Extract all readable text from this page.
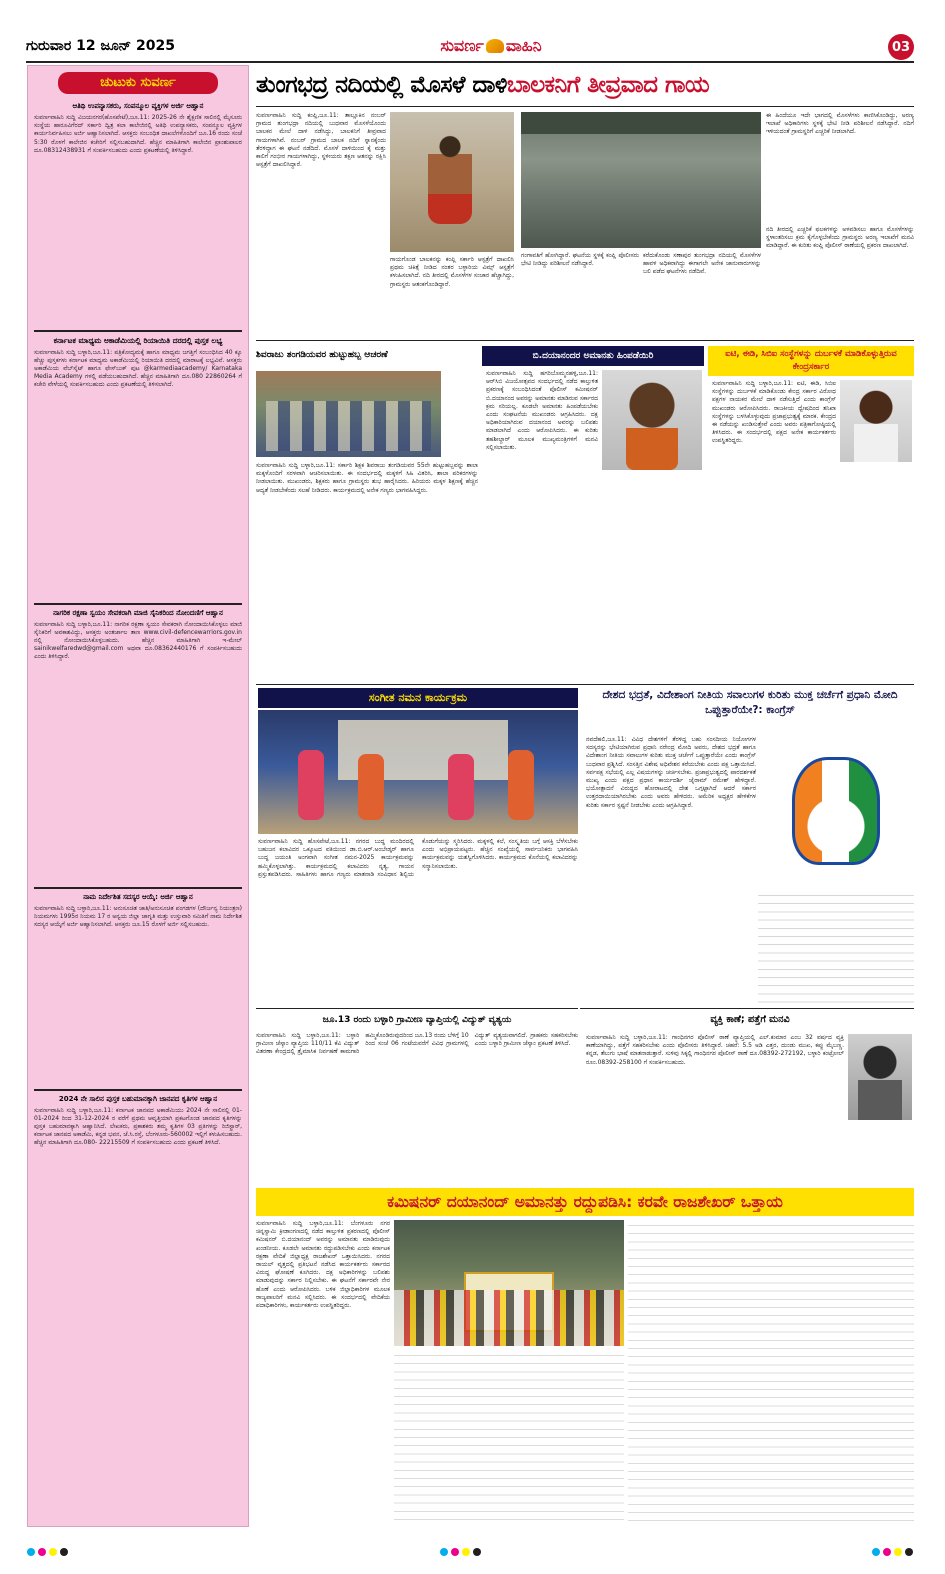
ಗುರುವಾರ 12 ಜೂನ್ 2025	ಸುವರ್ಣ ವಾಹಿನಿ	03
ಚುಟುಕು ಸುವರ್ಣ
ಆತಿಥಿ ಉಪನ್ಯಾಸಕರು, ಸಂಪನ್ಮೂಲ ವ್ಯಕ್ತಿಗಳ ಅರ್ಜಿ ಆಹ್ವಾನ
ಸುವರ್ಣವಾಹಿನಿ ಸುದ್ದಿ ವಿಜಯನಗರ(ಹೊಸಪೇಟೆ),ಜೂ.11: 2025-26 ನೇ ಶೈಕ್ಷಣಿಕ ಸಾಲಿನಲ್ಲಿ ಮೈಸೂರು ಸಂಸ್ಥೆಯ ಹಾರೂವಿಗೆರದ್ ಸರ್ಕಾರಿ ದ್ವಿತ್ರ ಕಲಾ ಕಾಲೇಜಿನಲ್ಲಿ ಅತಿಥಿ ಉಪನ್ಯಾಸಕರು, ಸಂಪನ್ಮೂಲ ವ್ಯಕ್ತಿಗಳ ಕಾರ್ಯನಿರ್ವಹಿಸಲು ಅರ್ಜಿ ಆಹ್ವಾನಿಸಲಾಗಿದೆ. ಆಸಕ್ತರು ಸಂಬಂಧಿತ ದಾಖಲೆಗಳೊಂದಿಗೆ ಜೂ.16 ರಂದು ಸಂಜೆ 5:30 ರೊಳಗೆ ಕಾಲೇಜಿನ ಕಚೇರಿಗೆ ಸಲ್ಲಿಸಬಹುದಾಗಿದೆ. ಹೆಚ್ಚಿನ ಮಾಹಿತಿಗಾಗಿ ಕಾಲೇಜಿನ ಪ್ರಾಂಶುಪಾಲರ ದೂ.08312438931 ಗೆ ಸಂಪರ್ಕಿಸಬಹುದು ಎಂದು ಪ್ರಕಟಣೆಯಲ್ಲಿ ತಿಳಿಸಿದ್ದಾರೆ.
ಕರ್ನಾಟಕ ಮಾಧ್ಯಮ ಅಕಾಡೆಮಿಯಲ್ಲಿ ರಿಯಾಯಿತಿ ದರದಲ್ಲಿ ಪುಸ್ತಕ ಲಭ್ಯ
ಸುವರ್ಣವಾಹಿನಿ ಸುದ್ದಿ ಬಳ್ಳಾರಿ,ಜೂ.11: ಪತ್ರಿಕೋದ್ಯಮಕ್ಕೆ ಹಾಗೂ ಮಾಧ್ಯಮ ಜಗತ್ತಿಗೆ ಸಂಬಂಧಿಸಿದ 40 ಕ್ಕೂ ಹೆಚ್ಚು ಪುಸ್ತಕಗಳು ಕರ್ನಾಟಕ ಮಾಧ್ಯಮ ಅಕಾಡೆಮಿಯಲ್ಲಿ ರಿಯಾಯಿತಿ ದರದಲ್ಲಿ ಮಾರಾಟಕ್ಕೆ ಲಭ್ಯವಿವೆ. ಆಸಕ್ತರು ಅಕಾಡೆಮಿಯ ವೆಬ್‌ಸೈಟ್ ಹಾಗೂ ಫೇಸ್‌ಬುಕ್ ಪುಟ @karmediaacademy/ Karnataka Media Academy ಗಳಲ್ಲಿ ಪಡೆಯಬಹುದಾಗಿದೆ. ಹೆಚ್ಚಿನ ಮಾಹಿತಿಗಾಗಿ ದೂ.080 22860264 ಗೆ ಕಚೇರಿ ವೇಳೆಯಲ್ಲಿ ಸಂಪರ್ಕಿಸಬಹುದು ಎಂದು ಪ್ರಕಟಣೆಯಲ್ಲಿ ತಿಳಿಸಲಾಗಿದೆ.
ನಾಗರಿಕ ರಕ್ಷಣಾ ಸ್ವಯಂ ಸೇವಕರಾಗಿ ಮಾಜಿ ಸೈನಿಕರಿಂದ ನೋಂದಣಿಗೆ ಆಹ್ವಾನ
ಸುವರ್ಣವಾಹಿನಿ ಸುದ್ದಿ ಬಳ್ಳಾರಿ,ಜೂ.11: ನಾಗರಿಕ ರಕ್ಷಣಾ ಸ್ವಯಂ ಸೇವಕರಾಗಿ ನೋಂದಾಯಿಸಿಕೊಳ್ಳಲು ಮಾಜಿ ಸೈನಿಕರಿಗೆ ಅವಕಾಶವಿದ್ದು, ಆಸಕ್ತರು ಅಂತರ್ಜಾಲ ತಾಣ www.civil-defencewarriors.gov.in ನಲ್ಲಿ ನೋಂದಾಯಿಸಿಕೊಳ್ಳಬಹುದು. ಹೆಚ್ಚಿನ ಮಾಹಿತಿಗಾಗಿ ಇ-ಮೇಲ್ sainikwelfaredwd@gmail.com ಅಥವಾ ದೂ.08362440176 ಗೆ ಸಂಪರ್ಕಿಸಬಹುದು ಎಂದು ತಿಳಿಸಿದ್ದಾರೆ.
ನಾಮ ನಿರ್ದೇಶಿತ ಸದಸ್ಯರ ಆಯ್ಕೆ: ಅರ್ಜಿ ಆಹ್ವಾನ
ಸುವರ್ಣವಾಹಿನಿ ಸುದ್ದಿ ಬಳ್ಳಾರಿ,ಜೂ.11: ಅನುಸೂಚಿತ ಜಾತಿ/ಅನುಸೂಚಿತ ಪಂಗಡಗಳ (ದೌರ್ಜನ್ಯ ನಿಯಂತ್ರಣ) ನಿಯಮಗಳು 1995ರ ನಿಯಮ 17 ರ ಅನ್ವಯ ಜಿಲ್ಲಾ ಜಾಗೃತಿ ಮತ್ತು ಉಸ್ತುವಾರಿ ಸಮಿತಿಗೆ ನಾಮ ನಿರ್ದೇಶಿತ ಸದಸ್ಯರ ಆಯ್ಕೆಗೆ ಅರ್ಜಿ ಆಹ್ವಾನಿಸಲಾಗಿದೆ. ಆಸಕ್ತರು ಜೂ.15 ರೊಳಗೆ ಅರ್ಜಿ ಸಲ್ಲಿಸಬಹುದು.
2024 ನೇ ಸಾಲಿನ ಪುಸ್ತಕ ಬಹುಮಾನಕ್ಕಾಗಿ ಜಾನಪದ ಕೃತಿಗಳ ಆಹ್ವಾನ
ಸುವರ್ಣವಾಹಿನಿ ಸುದ್ದಿ ಬಳ್ಳಾರಿ,ಜೂ.11: ಕರ್ನಾಟಕ ಜಾನಪದ ಅಕಾಡೆಮಿಯು 2024 ನೇ ಸಾಲಿನಲ್ಲಿ 01-01-2024 ರಿಂದ 31-12-2024 ರ ವರೆಗೆ ಪ್ರಥಮ ಆವೃತ್ತಿಯಾಗಿ ಪ್ರಕಟಗೊಂಡ ಜಾನಪದ ಕೃತಿಗಳನ್ನು ಪುಸ್ತಕ ಬಹುಮಾನಕ್ಕಾಗಿ ಆಹ್ವಾನಿಸಿದೆ. ಲೇಖಕರು, ಪ್ರಕಾಶಕರು ತಮ್ಮ ಕೃತಿಗಳ 03 ಪ್ರತಿಗಳನ್ನು ರಿಜಿಸ್ಟ್ರಾರ್, ಕರ್ನಾಟಕ ಜಾನಪದ ಅಕಾಡೆಮಿ, ಕನ್ನಡ ಭವನ, ಜೆ.ಸಿ.ರಸ್ತೆ, ಬೆಂಗಳೂರು-560002 ಇಲ್ಲಿಗೆ ಕಳುಹಿಸಬಹುದು. ಹೆಚ್ಚಿನ ಮಾಹಿತಿಗಾಗಿ ದೂ.080- 22215509 ಗೆ ಸಂಪರ್ಕಿಸಬಹುದು ಎಂದು ಪ್ರಕಟಣೆ ತಿಳಿಸಿದೆ.
ತುಂಗಭದ್ರ ನದಿಯಲ್ಲಿ ಮೊಸಳೆ ದಾಳಿ ಬಾಲಕನಿಗೆ ತೀವ್ರವಾದ ಗಾಯ
ಸುವರ್ಣವಾಹಿನಿ ಸುದ್ದಿ ಕಂಪ್ಲಿ,ಜೂ.11: ತಾಲ್ಲೂಕಿನ ನಂಬರ್ ಗ್ರಾಮದ ತುಂಗಭದ್ರಾ ನದಿಯಲ್ಲಿ ಬುಧವಾರ ಮೊಸಳೆಯೊಂದು ಬಾಲಕನ ಮೇಲೆ ದಾಳಿ ನಡೆಸಿದ್ದು, ಬಾಲಕನಿಗೆ ತೀವ್ರವಾದ ಗಾಯಗಳಾಗಿವೆ. ನಂಬರ್ ಗ್ರಾಮದ ಬಾಲಕ ನದಿಗೆ ಸ್ನಾನಕ್ಕೆಂದು ತೆರಳಿದ್ದಾಗ ಈ ಘಟನೆ ನಡೆದಿದೆ. ಮೊಸಳೆ ದಾಳಿಯಿಂದ ಕೈ ಮತ್ತು ಕಾಲಿಗೆ ಗಂಭೀರ ಗಾಯಗಳಾಗಿದ್ದು, ಸ್ಥಳೀಯರು ತಕ್ಷಣ ಆತನನ್ನು ರಕ್ಷಿಸಿ ಆಸ್ಪತ್ರೆಗೆ ದಾಖಲಿಸಿದ್ದಾರೆ.
ಗಾಯಗೊಂಡ ಬಾಲಕನನ್ನು ಕಂಪ್ಲಿ ಸರ್ಕಾರಿ ಆಸ್ಪತ್ರೆಗೆ ದಾಖಲಿಸಿ ಪ್ರಥಮ ಚಿಕಿತ್ಸೆ ನೀಡಿದ ನಂತರ ಬಳ್ಳಾರಿಯ ವಿಮ್ಸ್ ಆಸ್ಪತ್ರೆಗೆ ಕಳುಹಿಸಲಾಗಿದೆ. ನದಿ ತೀರದಲ್ಲಿ ಮೊಸಳೆಗಳ ಸಂಚಾರ ಹೆಚ್ಚಾಗಿದ್ದು, ಗ್ರಾಮಸ್ಥರು ಆತಂಕಗೊಂಡಿದ್ದಾರೆ.
ಗಂಗಾವತಿಗೆ ಹೋಗಿದ್ದಾರೆ. ಘಟನೆಯ ಸ್ಥಳಕ್ಕೆ ಕಂಪ್ಲಿ ಪೊಲೀಸರು ಭೇಟಿ ನೀಡಿದ್ದು ಪರಿಶೀಲನೆ ನಡೆಸಿದ್ದಾರೆ.
ಕರೆದುಕೊಂಡು ಸಣಾಪುರ ತುಂಗಭದ್ರಾ ನದಿಯಲ್ಲಿ ಮೊಸಳೆಗಳ ಹಾವಳಿ ಅಧಿಕವಾಗಿದ್ದು ಈಗಾಗಲೇ ಅನೇಕ ಜಾನುವಾರುಗಳನ್ನು ಬಲಿ ಪಡೆದ ಘಟನೆಗಳು ನಡೆದಿವೆ.
ಈ ಹಿಂದೆಯೂ ಇದೇ ಭಾಗದಲ್ಲಿ ಮೊಸಳೆಗಳು ಕಾಣಿಸಿಕೊಂಡಿದ್ದು, ಅರಣ್ಯ ಇಲಾಖೆ ಅಧಿಕಾರಿಗಳು ಸ್ಥಳಕ್ಕೆ ಭೇಟಿ ನೀಡಿ ಪರಿಶೀಲನೆ ನಡೆಸಿದ್ದಾರೆ. ನದಿಗೆ ಇಳಿಯದಂತೆ ಗ್ರಾಮಸ್ಥರಿಗೆ ಎಚ್ಚರಿಕೆ ನೀಡಲಾಗಿದೆ.
ನದಿ ತೀರದಲ್ಲಿ ಎಚ್ಚರಿಕೆ ಫಲಕಗಳನ್ನು ಅಳವಡಿಸಲು ಹಾಗೂ ಮೊಸಳೆಗಳನ್ನು ಸ್ಥಳಾಂತರಿಸಲು ಕ್ರಮ ಕೈಗೊಳ್ಳಬೇಕೆಂದು ಗ್ರಾಮಸ್ಥರು ಅರಣ್ಯ ಇಲಾಖೆಗೆ ಮನವಿ ಮಾಡಿದ್ದಾರೆ. ಈ ಕುರಿತು ಕಂಪ್ಲಿ ಪೊಲೀಸ್ ಠಾಣೆಯಲ್ಲಿ ಪ್ರಕರಣ ದಾಖಲಾಗಿದೆ.
ಶಿವರಾಜು ತಂಗಡಿಯವರ ಹುಟ್ಟುಹಬ್ಬ ಆಚರಣೆ
ಸುವರ್ಣವಾಹಿನಿ ಸುದ್ದಿ ಬಳ್ಳಾರಿ,ಜೂ.11: ಸರ್ಕಾರಿ ಶಿಕ್ಷಕ ಶಿವರಾಜು ತಂಗಡಿಯವರ 55ನೇ ಹುಟ್ಟುಹಬ್ಬವನ್ನು ಶಾಲಾ ಮಕ್ಕಳೊಂದಿಗೆ ಸರಳವಾಗಿ ಆಚರಿಸಲಾಯಿತು. ಈ ಸಂದರ್ಭದಲ್ಲಿ ಮಕ್ಕಳಿಗೆ ಸಿಹಿ ವಿತರಿಸಿ, ಶಾಲಾ ಪರಿಕರಗಳನ್ನು ನೀಡಲಾಯಿತು. ಮುಖಂಡರು, ಶಿಕ್ಷಕರು ಹಾಗೂ ಗ್ರಾಮಸ್ಥರು ಶುಭ ಹಾರೈಸಿದರು. ಹಿರಿಯರು ಮಕ್ಕಳ ಶಿಕ್ಷಣಕ್ಕೆ ಹೆಚ್ಚಿನ ಆದ್ಯತೆ ನೀಡಬೇಕೆಂದು ಸಲಹೆ ನೀಡಿದರು. ಕಾರ್ಯಕ್ರಮದಲ್ಲಿ ಅನೇಕ ಗಣ್ಯರು ಭಾಗವಹಿಸಿದ್ದರು.
ಬಿ.ದಯಾನಂದರ ಅಮಾನತು ಹಿಂಪಡೆಯಿರಿ
ಸುವರ್ಣವಾಹಿನಿ ಸುದ್ದಿ ಹಗರಿಬೊಮ್ಮನಹಳ್ಳಿ,ಜೂ.11: ಆರ್‌ಸಿಬಿ ವಿಜಯೋತ್ಸವದ ಸಂದರ್ಭದಲ್ಲಿ ನಡೆದ ಕಾಲ್ತುಳಿತ ಪ್ರಕರಣಕ್ಕೆ ಸಂಬಂಧಿಸಿದಂತೆ ಪೊಲೀಸ್ ಕಮೀಷನರ್ ಬಿ.ದಯಾನಂದ ಅವರನ್ನು ಅಮಾನತು ಮಾಡಿರುವ ಸರ್ಕಾರದ ಕ್ರಮ ಸರಿಯಲ್ಲ. ಕೂಡಲೇ ಅಮಾನತು ಹಿಂಪಡೆಯಬೇಕು ಎಂದು ಸಂಘಟನೆಯ ಮುಖಂಡರು ಆಗ್ರಹಿಸಿದರು. ದಕ್ಷ ಅಧಿಕಾರಿಯಾಗಿರುವ ದಯಾನಂದ ಅವರನ್ನು ಬಲಿಪಶು ಮಾಡಲಾಗಿದೆ ಎಂದು ಆರೋಪಿಸಿದರು. ಈ ಕುರಿತು ತಹಶೀಲ್ದಾರ್ ಮೂಲಕ ಮುಖ್ಯಮಂತ್ರಿಗಳಿಗೆ ಮನವಿ ಸಲ್ಲಿಸಲಾಯಿತು.
ಐಟಿ, ಈಡಿ, ಸಿಬಿಐ ಸಂಸ್ಥೆಗಳನ್ನು ದುರ್ಬಳಕೆ ಮಾಡಿಕೊಳ್ಳುತ್ತಿರುವ ಕೇಂದ್ರಸರ್ಕಾರ
ಸುವರ್ಣವಾಹಿನಿ ಸುದ್ದಿ ಬಳ್ಳಾರಿ,ಜೂ.11: ಐಟಿ, ಈಡಿ, ಸಿಬಿಐ ಸಂಸ್ಥೆಗಳನ್ನು ದುರ್ಬಳಕೆ ಮಾಡಿಕೊಂಡು ಕೇಂದ್ರ ಸರ್ಕಾರ ವಿರೋಧ ಪಕ್ಷಗಳ ನಾಯಕರ ಮೇಲೆ ದಾಳಿ ನಡೆಸುತ್ತಿದೆ ಎಂದು ಕಾಂಗ್ರೆಸ್ ಮುಖಂಡರು ಆರೋಪಿಸಿದರು. ರಾಜಕೀಯ ದ್ವೇಷದಿಂದ ತನಿಖಾ ಸಂಸ್ಥೆಗಳನ್ನು ಬಳಸಿಕೊಳ್ಳುವುದು ಪ್ರಜಾಪ್ರಭುತ್ವಕ್ಕೆ ಮಾರಕ. ಕೇಂದ್ರದ ಈ ನಡೆಯನ್ನು ಖಂಡಿಸುತ್ತೇವೆ ಎಂದು ಅವರು ಪತ್ರಿಕಾಗೋಷ್ಠಿಯಲ್ಲಿ ತಿಳಿಸಿದರು. ಈ ಸಂದರ್ಭದಲ್ಲಿ ಪಕ್ಷದ ಅನೇಕ ಕಾರ್ಯಕರ್ತರು ಉಪಸ್ಥಿತರಿದ್ದರು.
ಸಂಗೀತ ನಮನ ಕಾರ್ಯಕ್ರಮ
ಸುವರ್ಣವಾಹಿನಿ ಸುದ್ದಿ ಹೊಸಪೇಟೆ,ಜೂ.11: ನಗರದ ಬುದ್ಧ ಮಂದಿರದಲ್ಲಿ ಬಹುಜನ ಕಲಾವಿದರ ಒಕ್ಕೂಟದ ವತಿಯಿಂದ ಡಾ.ಬಿ.ಆರ್.ಅಂಬೇಡ್ಕರ್ ಹಾಗೂ ಬುದ್ಧ ಜಯಂತಿ ಅಂಗವಾಗಿ ಸಂಗೀತ ನಮನ-2025 ಕಾರ್ಯಕ್ರಮವನ್ನು ಹಮ್ಮಿಕೊಳ್ಳಲಾಗಿತ್ತು. ಕಾರ್ಯಕ್ರಮದಲ್ಲಿ ಕಲಾವಿದರು ನೃತ್ಯ, ಗಾಯನ ಪ್ರಸ್ತುತಪಡಿಸಿದರು. ಸಾಹಿತಿಗಳು ಹಾಗೂ ಗಣ್ಯರು ಮಾತನಾಡಿ ಸಂವಿಧಾನ ಶಿಲ್ಪಿಯ ಕೊಡುಗೆಯನ್ನು ಸ್ಮರಿಸಿದರು. ಮಕ್ಕಳಲ್ಲಿ ಕಲೆ, ಸಂಸ್ಕೃತಿಯ ಬಗ್ಗೆ ಆಸಕ್ತಿ ಬೆಳೆಸಬೇಕು ಎಂದು ಅಭಿಪ್ರಾಯಪಟ್ಟರು. ಹೆಚ್ಚಿನ ಸಂಖ್ಯೆಯಲ್ಲಿ ಸಾರ್ವಜನಿಕರು ಭಾಗವಹಿಸಿ ಕಾರ್ಯಕ್ರಮವನ್ನು ಯಶಸ್ವಿಗೊಳಿಸಿದರು. ಕಾರ್ಯಕ್ರಮದ ಕೊನೆಯಲ್ಲಿ ಕಲಾವಿದರನ್ನು ಸನ್ಮಾನಿಸಲಾಯಿತು.
ದೇಶದ ಭದ್ರತೆ, ವಿದೇಶಾಂಗ ನೀತಿಯ ಸವಾಲುಗಳ ಕುರಿತು ಮುಕ್ತ ಚರ್ಚೆಗೆ ಪ್ರಧಾನಿ ಮೋದಿ ಒಪ್ಪುತ್ತಾರೆಯೇ?: ಕಾಂಗ್ರೆಸ್
ನವದೆಹಲಿ,ಜೂ.11: ವಿವಿಧ ದೇಶಗಳಿಗೆ ತೆರಳಿದ್ದ ಬಹು ಸಂಸದೀಯ ನಿಯೋಗಗಳ ಸದಸ್ಯರನ್ನು ಭೇಟಿಯಾಗಿರುವ ಪ್ರಧಾನಿ ನರೇಂದ್ರ ಮೋದಿ ಅವರು, ದೇಶದ ಭದ್ರತೆ ಹಾಗೂ ವಿದೇಶಾಂಗ ನೀತಿಯ ಸವಾಲುಗಳ ಕುರಿತು ಮುಕ್ತ ಚರ್ಚೆಗೆ ಒಪ್ಪುತ್ತಾರೆಯೇ ಎಂದು ಕಾಂಗ್ರೆಸ್ ಬುಧವಾರ ಪ್ರಶ್ನಿಸಿದೆ. ಸಂಸತ್ತಿನ ವಿಶೇಷ ಅಧಿವೇಶನ ಕರೆಯಬೇಕು ಎಂದು ಪಕ್ಷ ಒತ್ತಾಯಿಸಿದೆ. ಸರ್ವಪಕ್ಷ ಸಭೆಯಲ್ಲಿ ಎಲ್ಲ ವಿಷಯಗಳನ್ನು ಚರ್ಚಿಸಬೇಕು. ಪ್ರಜಾಪ್ರಭುತ್ವದಲ್ಲಿ ಪಾರದರ್ಶಕತೆ ಮುಖ್ಯ ಎಂದು ಪಕ್ಷದ ಪ್ರಧಾನ ಕಾರ್ಯದರ್ಶಿ ಜೈರಾಮ್ ರಮೇಶ್ ಹೇಳಿದ್ದಾರೆ. ಭಯೋತ್ಪಾದನೆ ವಿರುದ್ಧದ ಹೋರಾಟದಲ್ಲಿ ದೇಶ ಒಗ್ಗಟ್ಟಾಗಿದೆ ಆದರೆ ಸರ್ಕಾರ ಉತ್ತರದಾಯಿಯಾಗಿರಬೇಕು ಎಂದು ಅವರು ಹೇಳಿದರು. ಅಮೆರಿಕ ಅಧ್ಯಕ್ಷರ ಹೇಳಿಕೆಗಳ ಕುರಿತು ಸರ್ಕಾರ ಸ್ಪಷ್ಟನೆ ನೀಡಬೇಕು ಎಂದು ಆಗ್ರಹಿಸಿದ್ದಾರೆ.
ಜೂ.13 ರಂದು ಬಳ್ಳಾರಿ ಗ್ರಾಮೀಣ ವ್ಯಾಪ್ತಿಯಲ್ಲಿ ವಿದ್ಯುತ್ ವ್ಯತ್ಯಯ
ಸುವರ್ಣವಾಹಿನಿ ಸುದ್ದಿ ಬಳ್ಳಾರಿ,ಜೂ.11: ಬಳ್ಳಾರಿ ಗ್ರಾಮೀಣ ಜೆಸ್ಕಾಂ ವ್ಯಾಪ್ತಿಯ 110/11 ಕೆವಿ ವಿದ್ಯುತ್ ವಿತರಣಾ ಕೇಂದ್ರದಲ್ಲಿ ತ್ರೈಮಾಸಿಕ ನಿರ್ವಹಣೆ ಕಾಮಗಾರಿ ಹಮ್ಮಿಕೊಂಡಿರುವುದರಿಂದ ಜೂ.13 ರಂದು ಬೆಳಿಗ್ಗೆ 10 ರಿಂದ ಸಂಜೆ 06 ಗಂಟೆಯವರೆಗೆ ವಿವಿಧ ಗ್ರಾಮಗಳಲ್ಲಿ ವಿದ್ಯುತ್ ವ್ಯತ್ಯಯವಾಗಲಿದೆ. ಗ್ರಾಹಕರು ಸಹಕರಿಸಬೇಕು ಎಂದು ಬಳ್ಳಾರಿ ಗ್ರಾಮೀಣ ಜೆಸ್ಕಾಂ ಪ್ರಕಟಣೆ ತಿಳಿಸಿದೆ.
ವ್ಯಕ್ತಿ ಕಾಣೆ; ಪತ್ತೆಗೆ ಮನವಿ
ಸುವರ್ಣವಾಹಿನಿ ಸುದ್ದಿ ಬಳ್ಳಾರಿ,ಜೂ.11: ಗಾಂಧಿನಗರ ಪೊಲೀಸ್ ಠಾಣೆ ವ್ಯಾಪ್ತಿಯಲ್ಲಿ ಎಲ್.ಕುಮಾರ ಎಂಬ 32 ವರ್ಷದ ವ್ಯಕ್ತಿ ಕಾಣೆಯಾಗಿದ್ದು, ಪತ್ತೆಗೆ ಸಹಕರಿಸಬೇಕು ಎಂದು ಪೊಲೀಸರು ತಿಳಿಸಿದ್ದಾರೆ. ಚಹರೆ: 5.5 ಅಡಿ ಎತ್ತರ, ದುಂಡು ಮುಖ, ಕಪ್ಪು ಮೈಬಣ್ಣ. ಕನ್ನಡ, ತೆಲುಗು ಭಾಷೆ ಮಾತನಾಡುತ್ತಾರೆ. ಸುಳಿವು ಸಿಕ್ಕಲ್ಲಿ ಗಾಂಧಿನಗರ ಪೊಲೀಸ್ ಠಾಣೆ ದೂ.08392-272192, ಬಳ್ಳಾರಿ ಕಂಟ್ರೋಲ್ ರೂಂ.08392-258100 ಗೆ ಸಂಪರ್ಕಿಸಬಹುದು.
ಕಮಿಷನರ್ ದಯಾನಂದ್ ಅಮಾನತ್ತು ರದ್ದುಪಡಿಸಿ: ಕರವೇ ರಾಜಶೇಖರ್ ಒತ್ತಾಯ
ಸುವರ್ಣವಾಹಿನಿ ಸುದ್ದಿ ಬಳ್ಳಾರಿ,ಜೂ.11: ಬೆಂಗಳೂರು ನಗರ ಚಿನ್ನಸ್ವಾಮಿ ಕ್ರೀಡಾಂಗಣದಲ್ಲಿ ನಡೆದ ಕಾಲ್ತುಳಿತ ಪ್ರಕರಣದಲ್ಲಿ ಪೊಲೀಸ್ ಕಮಿಷನರ್ ಬಿ.ದಯಾನಂದ್ ಅವರನ್ನು ಅಮಾನತು ಮಾಡಿರುವುದು ಖಂಡನೀಯ. ಕೂಡಲೇ ಅಮಾನತು ರದ್ದುಪಡಿಸಬೇಕು ಎಂದು ಕರ್ನಾಟಕ ರಕ್ಷಣಾ ವೇದಿಕೆ ಜಿಲ್ಲಾಧ್ಯಕ್ಷ ರಾಜಶೇಖರ್ ಒತ್ತಾಯಿಸಿದರು. ನಗರದ ರಾಯಲ್ ವೃತ್ತದಲ್ಲಿ ಪ್ರತಿಭಟನೆ ನಡೆಸಿದ ಕಾರ್ಯಕರ್ತರು ಸರ್ಕಾರದ ವಿರುದ್ಧ ಘೋಷಣೆ ಕೂಗಿದರು. ದಕ್ಷ ಅಧಿಕಾರಿಗಳನ್ನು ಬಲಿಪಶು ಮಾಡುವುದನ್ನು ಸರ್ಕಾರ ನಿಲ್ಲಿಸಬೇಕು. ಈ ಘಟನೆಗೆ ಸರ್ಕಾರವೇ ನೇರ ಹೊಣೆ ಎಂದು ಆರೋಪಿಸಿದರು. ಬಳಿಕ ಜಿಲ್ಲಾಧಿಕಾರಿಗಳ ಮೂಲಕ ರಾಜ್ಯಪಾಲರಿಗೆ ಮನವಿ ಸಲ್ಲಿಸಿದರು. ಈ ಸಂದರ್ಭದಲ್ಲಿ ವೇದಿಕೆಯ ಪದಾಧಿಕಾರಿಗಳು, ಕಾರ್ಯಕರ್ತರು ಉಪಸ್ಥಿತರಿದ್ದರು.
